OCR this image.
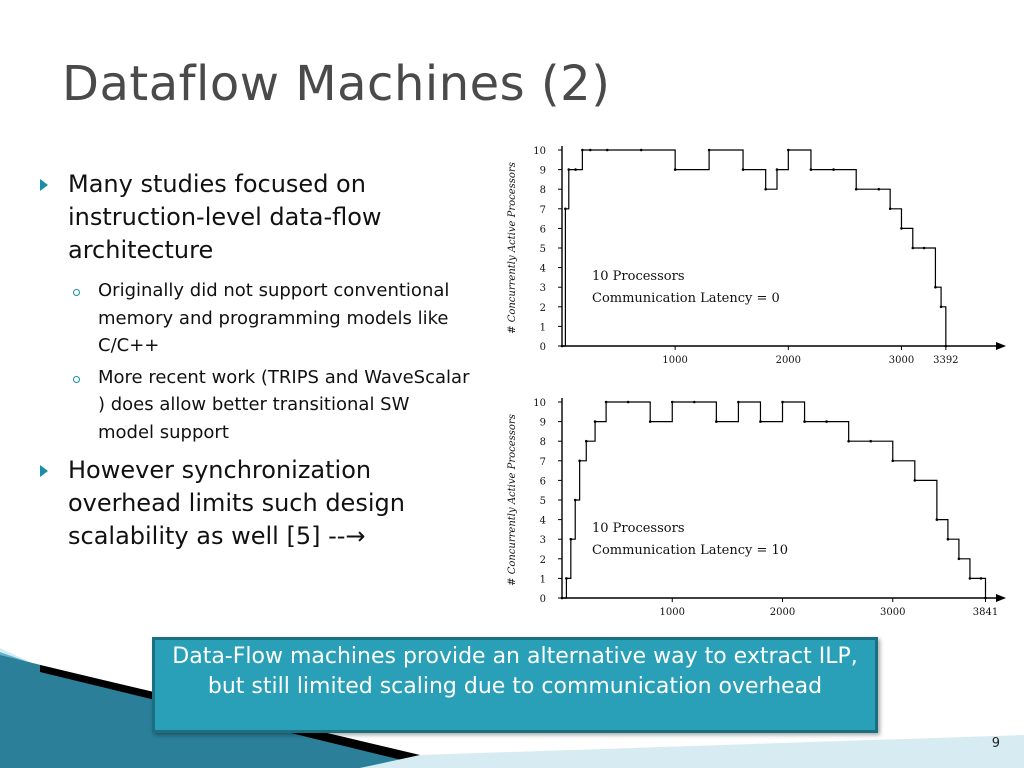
Dataflow Machines (2)
Many studies focused on instruction-level data-flow architecture
Originally did not support conventional memory and programming models like C/C++
More recent work (TRIPS and WaveScalar ) does allow better transitional SW model support
However synchronization overhead limits such design scalability as well [5] --→
0
1
2
3
4
5
6
7
8
9
10
1000	2000	3000 3392
# Concurrently Active Processors	10 Processors
Communication Latency = 0
0
1
2
3
4
5
6
7
8
9
10
1000	2000	3000	3841
# Concurrently Active Processors	10 Processors
Communication Latency = 10
Data-Flow machines provide an alternative way to extract ILP, but still limited scaling due to communication overhead
9
